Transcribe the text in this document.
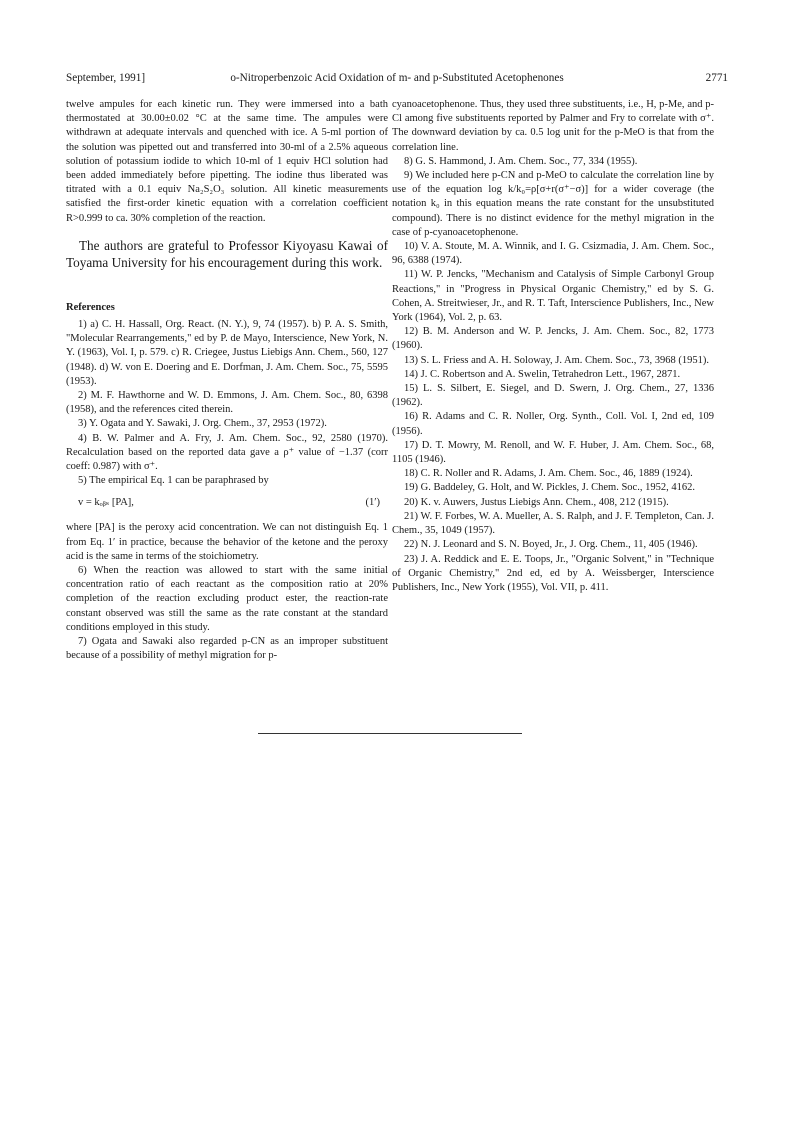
September, 1991]	o-Nitroperbenzoic Acid Oxidation of m- and p-Substituted Acetophenones	2771

twelve ampules for each kinetic run. They were immersed into a bath thermostated at 30.00±0.02 °C at the same time. The ampules were withdrawn at adequate intervals and quenched with ice. A 5-ml portion of the solution was pipetted out and transferred into 30-ml of a 2.5% aqueous solution of potassium iodide to which 10-ml of 1 equiv HCl solution had been added immediately before pipetting. The iodine thus liberated was titrated with a 0.1 equiv Na₂S₂O₃ solution. All kinetic measurements satisfied the first-order kinetic equation with a correlation coefficient R>0.999 to ca. 30% completion of the reaction.

The authors are grateful to Professor Kiyoyasu Kawai of Toyama University for his encouragement during this work.

References

1) a) C. H. Hassall, Org. React. (N. Y.), 9, 74 (1957). b) P. A. S. Smith, "Molecular Rearrangements," ed by P. de Mayo, Interscience, New York, N. Y. (1963), Vol. I, p. 579. c) R. Criegee, Justus Liebigs Ann. Chem., 560, 127 (1948). d) W. von E. Doering and E. Dorfman, J. Am. Chem. Soc., 75, 5595 (1953).

2) M. F. Hawthorne and W. D. Emmons, J. Am. Chem. Soc., 80, 6398 (1958), and the references cited therein.

3) Y. Ogata and Y. Sawaki, J. Org. Chem., 37, 2953 (1972).

4) B. W. Palmer and A. Fry, J. Am. Chem. Soc., 92, 2580 (1970). Recalculation based on the reported data gave a ρ⁺ value of −1.37 (corr coeff: 0.987) with σ⁺.

5) The empirical Eq. 1 can be paraphrased by

v = kₒᵦₛ [PA],	(1′)

where [PA] is the peroxy acid concentration. We can not distinguish Eq. 1 from Eq. 1′ in practice, because the behavior of the ketone and the peroxy acid is the same in terms of the stoichiometry.

6) When the reaction was allowed to start with the same initial concentration ratio of each reactant as the composition ratio at 20% completion of the reaction excluding product ester, the reaction-rate constant observed was still the same as the rate constant at the standard conditions employed in this study.

7) Ogata and Sawaki also regarded p-CN as an improper substituent because of a possibility of methyl migration for p-

cyanoacetophenone. Thus, they used three substituents, i.e., H, p-Me, and p-Cl among five substituents reported by Palmer and Fry to correlate with σ⁺. The downward deviation by ca. 0.5 log unit for the p-MeO is that from the correlation line.

8) G. S. Hammond, J. Am. Chem. Soc., 77, 334 (1955).

9) We included here p-CN and p-MeO to calculate the correlation line by use of the equation log k/k₀=ρ[σ+r(σ⁺−σ)] for a wider coverage (the notation k₀ in this equation means the rate constant for the unsubstituted compound). There is no distinct evidence for the methyl migration in the case of p-cyanoacetophenone.

10) V. A. Stoute, M. A. Winnik, and I. G. Csizmadia, J. Am. Chem. Soc., 96, 6388 (1974).

11) W. P. Jencks, "Mechanism and Catalysis of Simple Carbonyl Group Reactions," in "Progress in Physical Organic Chemistry," ed by S. G. Cohen, A. Streitwieser, Jr., and R. T. Taft, Interscience Publishers, Inc., New York (1964), Vol. 2, p. 63.

12) B. M. Anderson and W. P. Jencks, J. Am. Chem. Soc., 82, 1773 (1960).

13) S. L. Friess and A. H. Soloway, J. Am. Chem. Soc., 73, 3968 (1951).

14) J. C. Robertson and A. Swelin, Tetrahedron Lett., 1967, 2871.

15) L. S. Silbert, E. Siegel, and D. Swern, J. Org. Chem., 27, 1336 (1962).

16) R. Adams and C. R. Noller, Org. Synth., Coll. Vol. I, 2nd ed, 109 (1956).

17) D. T. Mowry, M. Renoll, and W. F. Huber, J. Am. Chem. Soc., 68, 1105 (1946).

18) C. R. Noller and R. Adams, J. Am. Chem. Soc., 46, 1889 (1924).

19) G. Baddeley, G. Holt, and W. Pickles, J. Chem. Soc., 1952, 4162.

20) K. v. Auwers, Justus Liebigs Ann. Chem., 408, 212 (1915).

21) W. F. Forbes, W. A. Mueller, A. S. Ralph, and J. F. Templeton, Can. J. Chem., 35, 1049 (1957).

22) N. J. Leonard and S. N. Boyed, Jr., J. Org. Chem., 11, 405 (1946).

23) J. A. Reddick and E. E. Toops, Jr., "Organic Solvent," in "Technique of Organic Chemistry," 2nd ed, ed by A. Weissberger, Interscience Publishers, Inc., New York (1955), Vol. VII, p. 411.
